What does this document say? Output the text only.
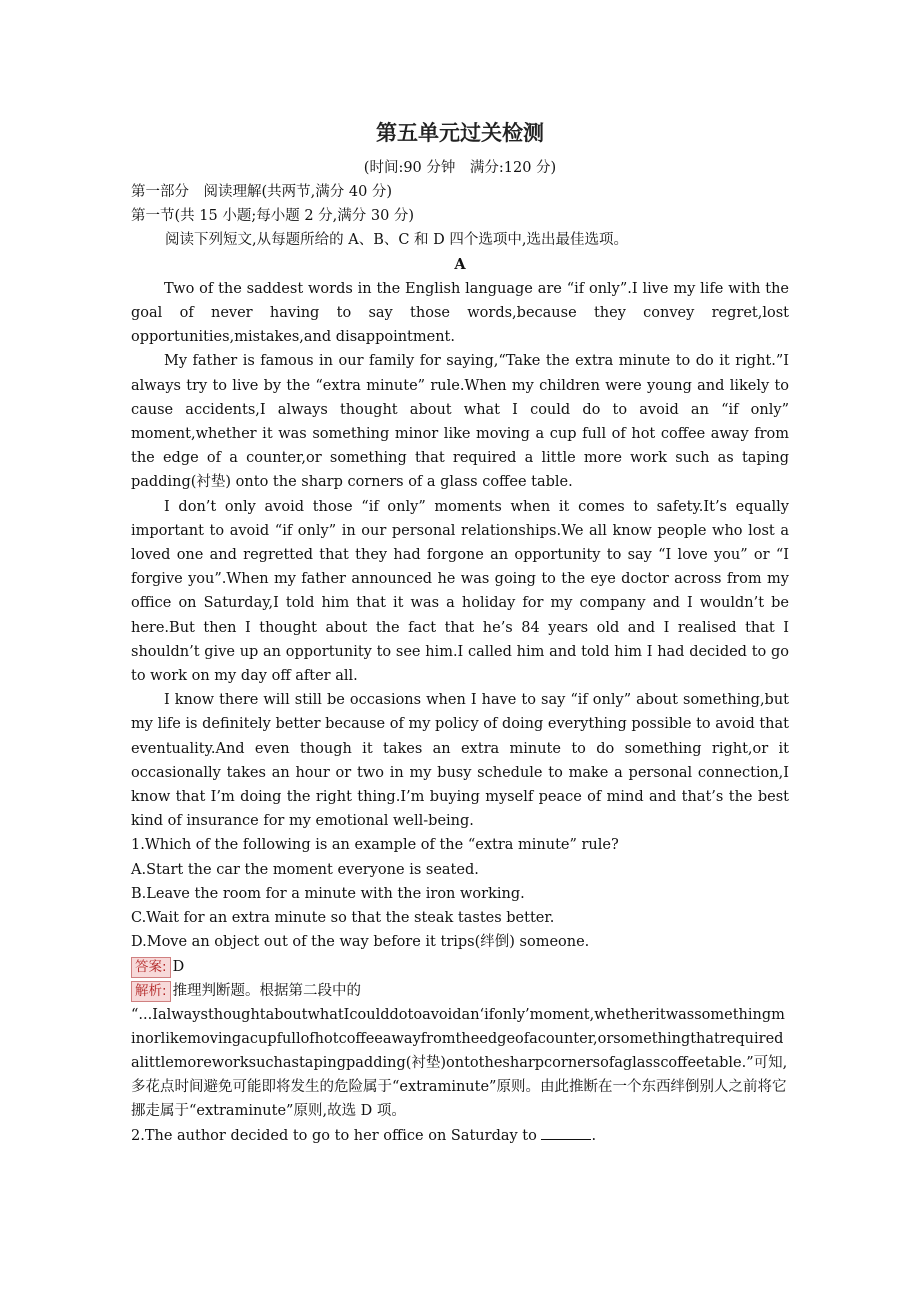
第五单元过关检测
(时间:90 分钟　满分:120 分)
第一部分　阅读理解(共两节,满分 40 分)
第一节(共 15 小题;每小题 2 分,满分 30 分)
阅读下列短文,从每题所给的 A、B、C 和 D 四个选项中,选出最佳选项。
A

Two of the saddest words in the English language are “if only”.I live my life with the goal of never having to say those words,because they convey regret,lost opportunities,mistakes,and disappointment.

My father is famous in our family for saying,“Take the extra minute to do it right.”I always try to live by the “extra minute” rule.When my children were young and likely to cause accidents,I always thought about what I could do to avoid an “if only” moment,whether it was something minor like moving a cup full of hot coffee away from the edge of a counter,or something that required a little more work such as taping padding(衬垫) onto the sharp corners of a glass coffee table.

I don’t only avoid those “if only” moments when it comes to safety.It’s equally important to avoid “if only” in our personal relationships.We all know people who lost a loved one and regretted that they had forgone an opportunity to say “I love you” or “I forgive you”.When my father announced he was going to the eye doctor across from my office on Saturday,I told him that it was a holiday for my company and I wouldn’t be here.But then I thought about the fact that he’s 84 years old and I realised that I shouldn’t give up an opportunity to see him.I called him and told him I had decided to go to work on my day off after all.

I know there will still be occasions when I have to say “if only” about something,but my life is definitely better because of my policy of doing everything possible to avoid that eventuality.And even though it takes an extra minute to do something right,or it occasionally takes an hour or two in my busy schedule to make a personal connection,I know that I’m doing the right thing.I’m buying myself peace of mind and that’s the best kind of insurance for my emotional well-being.

1.Which of the following is an example of the “extra minute” rule?
A.Start the car the moment everyone is seated.
B.Leave the room for a minute with the iron working.
C.Wait for an extra minute so that the steak tastes better.
D.Move an object out of the way before it trips(绊倒) someone.
答案: D
解析: 推理判断题。根据第二段中的

“...IalwaysthoughtaboutwhatIcoulddotoavoidan‘ifonly’moment,whetheritwassomethingminorlikemovingacupfullofhotcoffeeawayfromtheedgeofacounter,orsomethingthatrequiredalittlemoreworksuchastapingpadding(衬垫)ontothesharpcornersofaglasscoffeetable.”可知,多花点时间避免可能即将发生的危险属于“extraminute”原则。由此推断在一个东西绊倒别人之前将它挪走属于“extraminute”原则,故选 D 项。

2.The author decided to go to her office on Saturday to	.
